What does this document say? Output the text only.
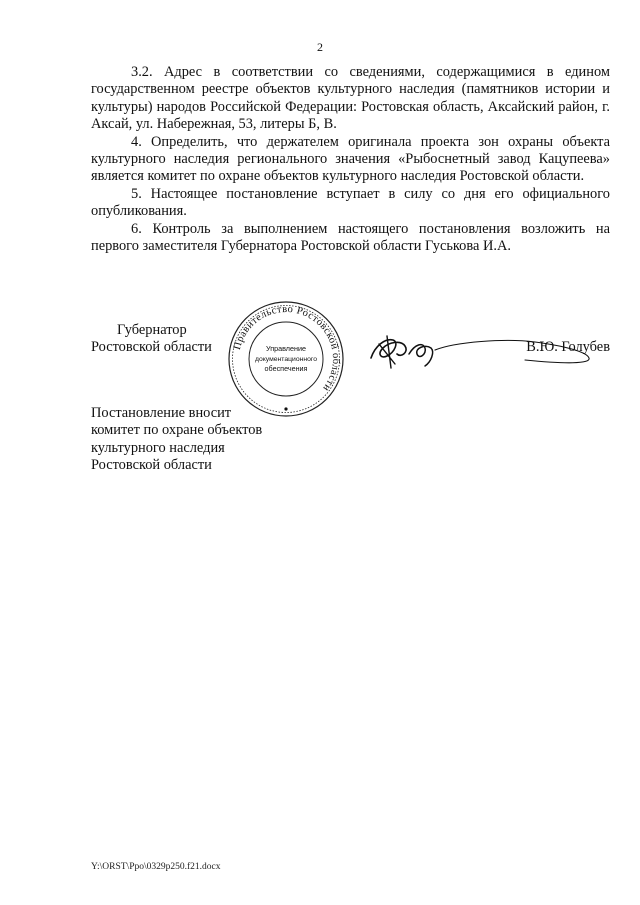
2

3.2. Адрес в соответствии со сведениями, содержащимися в едином государственном реестре объектов культурного наследия (памятников истории и культуры) народов Российской Федерации: Ростовская область, Аксайский район, г. Аксай, ул. Набережная, 53, литеры Б, В.

4. Определить, что держателем оригинала проекта зон охраны объекта культурного наследия регионального значения «Рыбоснетный завод Кацупеева» является комитет по охране объектов культурного наследия Ростовской области.

5. Настоящее постановление вступает в силу со дня его официального опубликования.

6. Контроль за выполнением настоящего постановления возложить на первого заместителя Губернатора Ростовской области Гуськова И.А.

Губернатор
Ростовской области Правительство Ростовской области
Управление
документационного
обеспечения
В.Ю. Голубев
Постановление вносит
комитет по охране объектов
культурного наследия
Ростовской области
Y:\ORST\Ppo\0329p250.f21.docx
